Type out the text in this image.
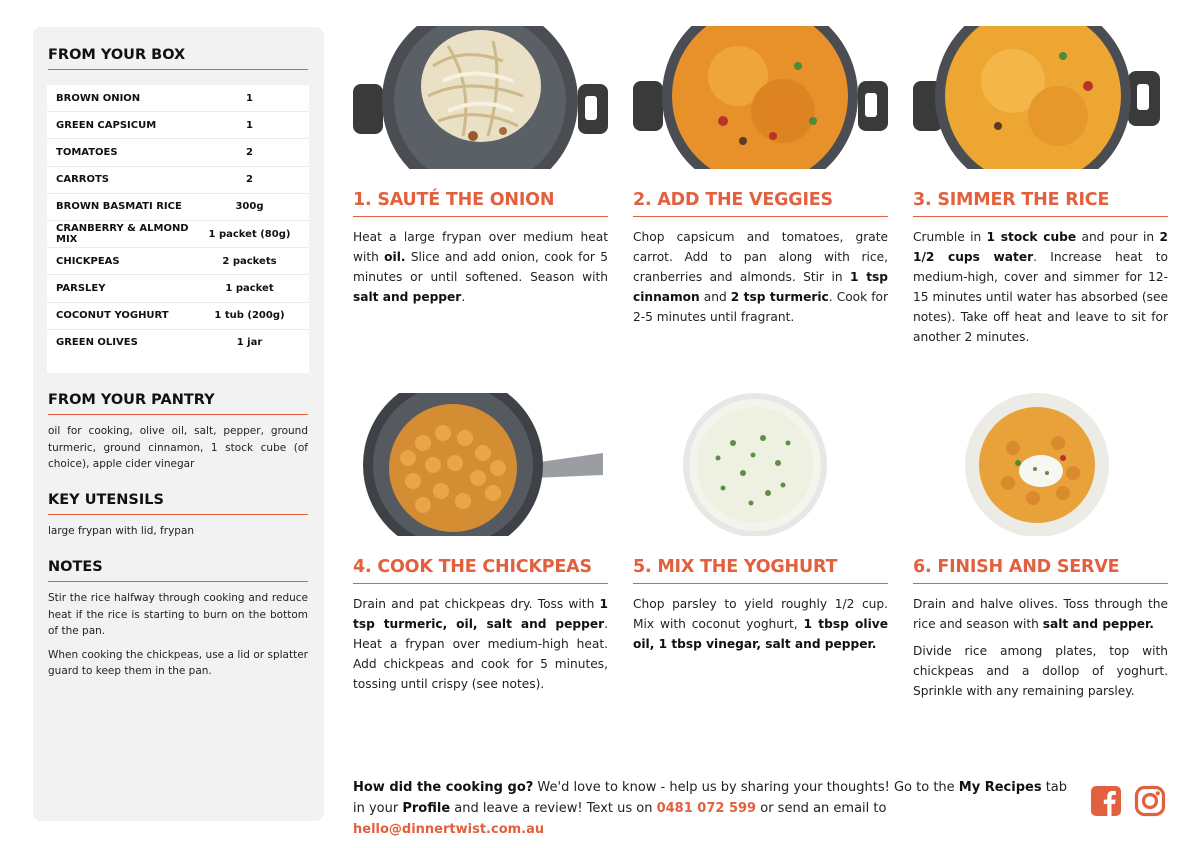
FROM YOUR BOX
BROWN ONION	1
GREEN CAPSICUM	1
TOMATOES	2
CARROTS	2
BROWN BASMATI RICE	300g
CRANBERRY & ALMOND MIX	1 packet (80g)
CHICKPEAS	2 packets
PARSLEY	1 packet
COCONUT YOGHURT	1 tub (200g)
GREEN OLIVES	1 jar
FROM YOUR PANTRY
oil for cooking, olive oil, salt, pepper, ground turmeric, ground cinnamon, 1 stock cube (of choice), apple cider vinegar
KEY UTENSILS
large frypan with lid, frypan
NOTES

Stir the rice halfway through cooking and reduce heat if the rice is starting to burn on the bottom of the pan.

When cooking the chickpeas, use a lid or splatter guard to keep them in the pan.

1. SAUTÉ THE ONION

Heat a large frypan over medium heat with oil. Slice and add onion, cook for 5 minutes or until softened. Season with salt and pepper.

2. ADD THE VEGGIES

Chop capsicum and tomatoes, grate carrot. Add to pan along with rice, cranberries and almonds. Stir in 1 tsp cinnamon and 2 tsp turmeric. Cook for 2-5 minutes until fragrant.

3. SIMMER THE RICE

Crumble in 1 stock cube and pour in 2 1/2 cups water. Increase heat to medium-high, cover and simmer for 12-15 minutes until water has absorbed (see notes). Take off heat and leave to sit for another 2 minutes.

4. COOK THE CHICKPEAS

Drain and pat chickpeas dry. Toss with 1 tsp turmeric, oil, salt and pepper. Heat a frypan over medium-high heat. Add chickpeas and cook for 5 minutes, tossing until crispy (see notes).

5. MIX THE YOGHURT

Chop parsley to yield roughly 1/2 cup. Mix with coconut yoghurt, 1 tbsp olive oil, 1 tbsp vinegar, salt and pepper.

6. FINISH AND SERVE

Drain and halve olives. Toss through the rice and season with salt and pepper.

Divide rice among plates, top with chickpeas and a dollop of yoghurt. Sprinkle with any remaining parsley.

How did the cooking go? We'd love to know - help us by sharing your thoughts! Go to the My Recipes tab in your Profile and leave a review! Text us on 0481 072 599 or send an email to hello@dinnertwist.com.au
